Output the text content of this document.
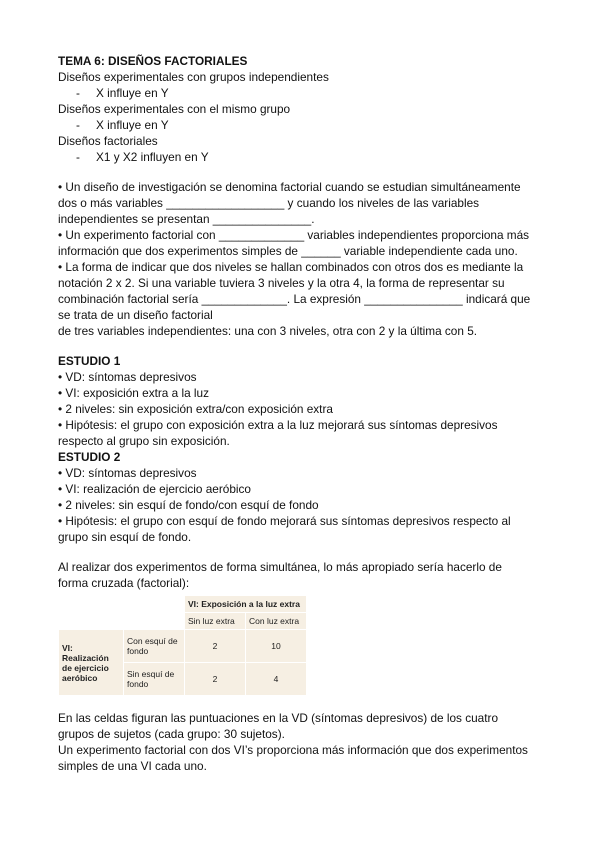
TEMA 6: DISEÑOS FACTORIALES
Diseños experimentales con grupos independientes
- X influye en Y
Diseños experimentales con el mismo grupo
- X influye en Y
Diseños factoriales
- X1 y X2 influyen en Y
• Un diseño de investigación se denomina factorial cuando se estudian simultáneamente
dos o más variables __________________ y cuando los niveles de las variables
independientes se presentan _______________.
• Un experimento factorial con _____________ variables independientes proporciona más
información que dos experimentos simples de ______ variable independiente cada uno.
• La forma de indicar que dos niveles se hallan combinados con otros dos es mediante la
notación 2 x 2. Si una variable tuviera 3 niveles y la otra 4, la forma de representar su
combinación factorial sería _____________. La expresión _______________ indicará que
se trata de un diseño factorial
de tres variables independientes: una con 3 niveles, otra con 2 y la última con 5.
ESTUDIO 1
• VD: síntomas depresivos
• VI: exposición extra a la luz
• 2 niveles: sin exposición extra/con exposición extra
• Hipótesis: el grupo con exposición extra a la luz mejorará sus síntomas depresivos
respecto al grupo sin exposición.
ESTUDIO 2
• VD: síntomas depresivos
• VI: realización de ejercicio aeróbico
• 2 niveles: sin esquí de fondo/con esquí de fondo
• Hipótesis: el grupo con esquí de fondo mejorará sus síntomas depresivos respecto al
grupo sin esquí de fondo.
Al realizar dos experimentos de forma simultánea, lo más apropiado sería hacerlo de
forma cruzada (factorial):
		VI: Exposición a la luz extra	
		Sin luz extra	Con luz extra
VI: Realización de ejercicio aeróbico	Con esquí de fondo	2	10
	Sin esquí de fondo	2	4
En las celdas figuran las puntuaciones en la VD (síntomas depresivos) de los cuatro
grupos de sujetos (cada grupo: 30 sujetos).
Un experimento factorial con dos VI’s proporciona más información que dos experimentos
simples de una VI cada uno.
